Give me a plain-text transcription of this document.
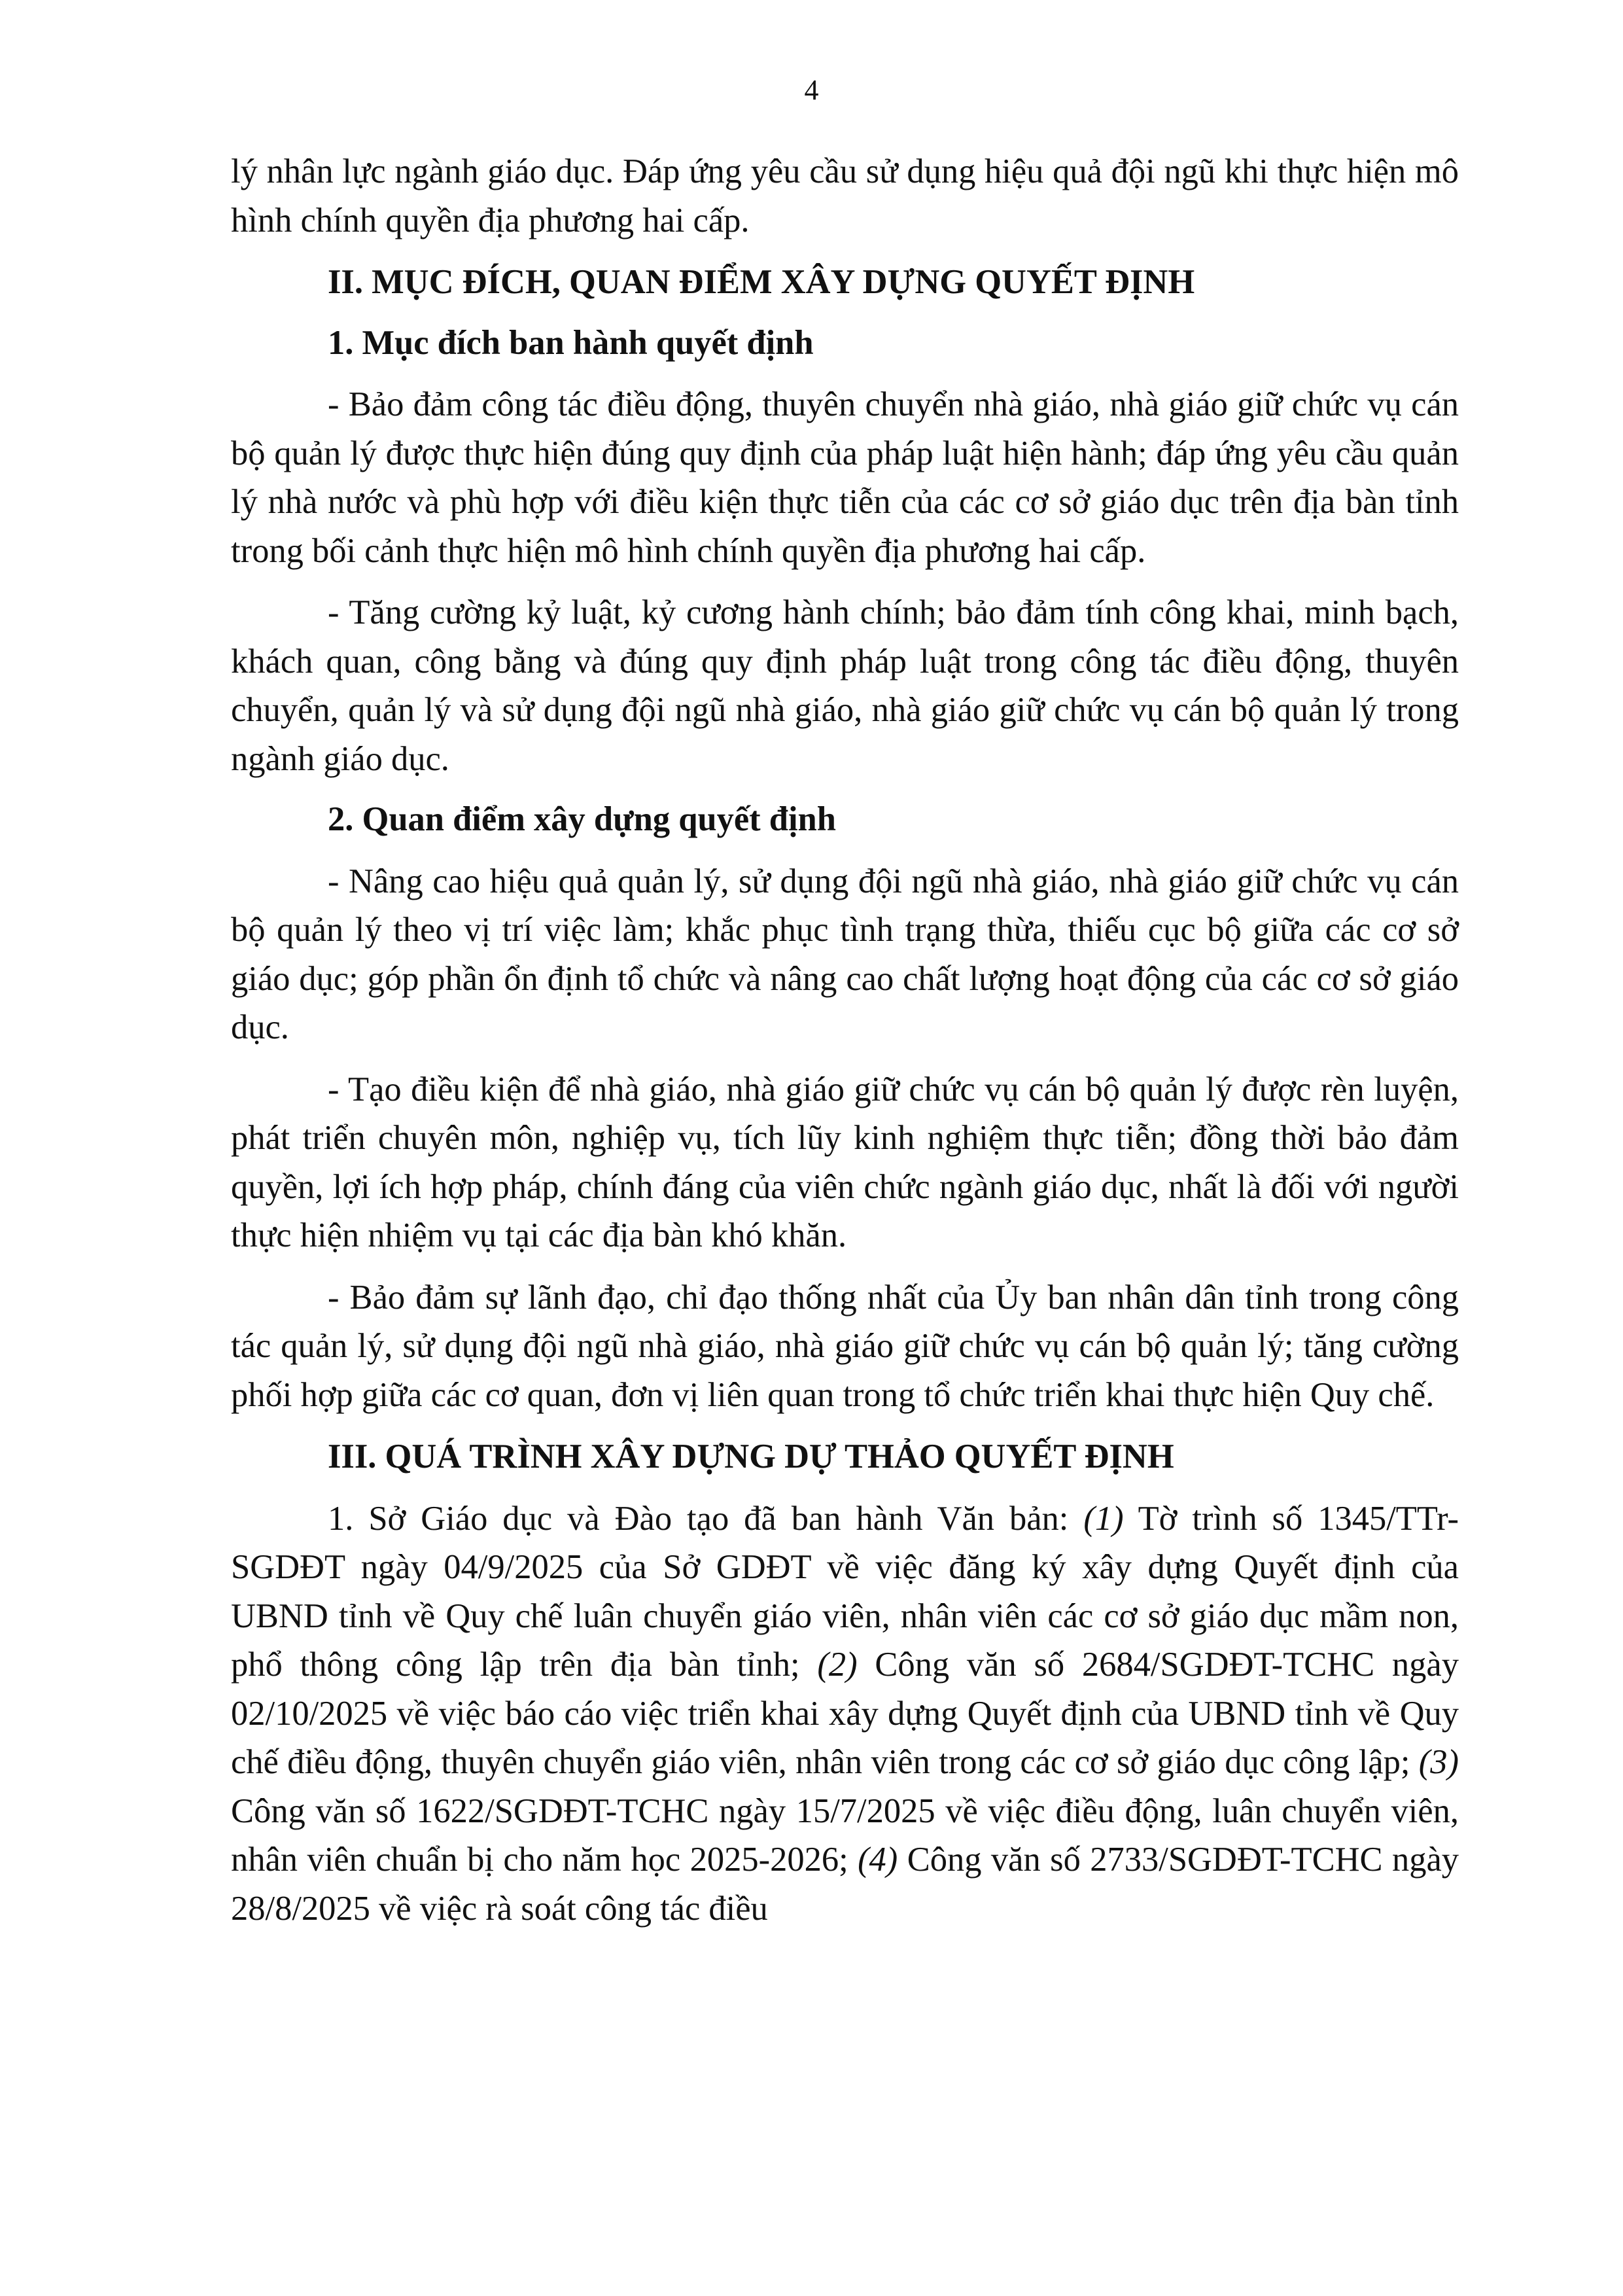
4

lý nhân lực ngành giáo dục. Đáp ứng yêu cầu sử dụng hiệu quả đội ngũ khi thực hiện mô hình chính quyền địa phương hai cấp.

II. MỤC ĐÍCH, QUAN ĐIỂM XÂY DỰNG QUYẾT ĐỊNH

1. Mục đích ban hành quyết định

- Bảo đảm công tác điều động, thuyên chuyển nhà giáo, nhà giáo giữ chức vụ cán bộ quản lý được thực hiện đúng quy định của pháp luật hiện hành; đáp ứng yêu cầu quản lý nhà nước và phù hợp với điều kiện thực tiễn của các cơ sở giáo dục trên địa bàn tỉnh trong bối cảnh thực hiện mô hình chính quyền địa phương hai cấp.

- Tăng cường kỷ luật, kỷ cương hành chính; bảo đảm tính công khai, minh bạch, khách quan, công bằng và đúng quy định pháp luật trong công tác điều động, thuyên chuyển, quản lý và sử dụng đội ngũ nhà giáo, nhà giáo giữ chức vụ cán bộ quản lý trong ngành giáo dục.

2. Quan điểm xây dựng quyết định

- Nâng cao hiệu quả quản lý, sử dụng đội ngũ nhà giáo, nhà giáo giữ chức vụ cán bộ quản lý theo vị trí việc làm; khắc phục tình trạng thừa, thiếu cục bộ giữa các cơ sở giáo dục; góp phần ổn định tổ chức và nâng cao chất lượng hoạt động của các cơ sở giáo dục.

- Tạo điều kiện để nhà giáo, nhà giáo giữ chức vụ cán bộ quản lý được rèn luyện, phát triển chuyên môn, nghiệp vụ, tích lũy kinh nghiệm thực tiễn; đồng thời bảo đảm quyền, lợi ích hợp pháp, chính đáng của viên chức ngành giáo dục, nhất là đối với người thực hiện nhiệm vụ tại các địa bàn khó khăn.

- Bảo đảm sự lãnh đạo, chỉ đạo thống nhất của Ủy ban nhân dân tỉnh trong công tác quản lý, sử dụng đội ngũ nhà giáo, nhà giáo giữ chức vụ cán bộ quản lý; tăng cường phối hợp giữa các cơ quan, đơn vị liên quan trong tổ chức triển khai thực hiện Quy chế.

III. QUÁ TRÌNH XÂY DỰNG DỰ THẢO QUYẾT ĐỊNH

1. Sở Giáo dục và Đào tạo đã ban hành Văn bản: (1) Tờ trình số 1345/TTr-SGDĐT ngày 04/9/2025 của Sở GDĐT về việc đăng ký xây dựng Quyết định của UBND tỉnh về Quy chế luân chuyển giáo viên, nhân viên các cơ sở giáo dục mầm non, phổ thông công lập trên địa bàn tỉnh; (2) Công văn số 2684/SGDĐT-TCHC ngày 02/10/2025 về việc báo cáo việc triển khai xây dựng Quyết định của UBND tỉnh về Quy chế điều động, thuyên chuyển giáo viên, nhân viên trong các cơ sở giáo dục công lập; (3) Công văn số 1622/SGDĐT-TCHC ngày 15/7/2025 về việc điều động, luân chuyển viên, nhân viên chuẩn bị cho năm học 2025-2026; (4) Công văn số 2733/SGDĐT-TCHC ngày 28/8/2025 về việc rà soát công tác điều
